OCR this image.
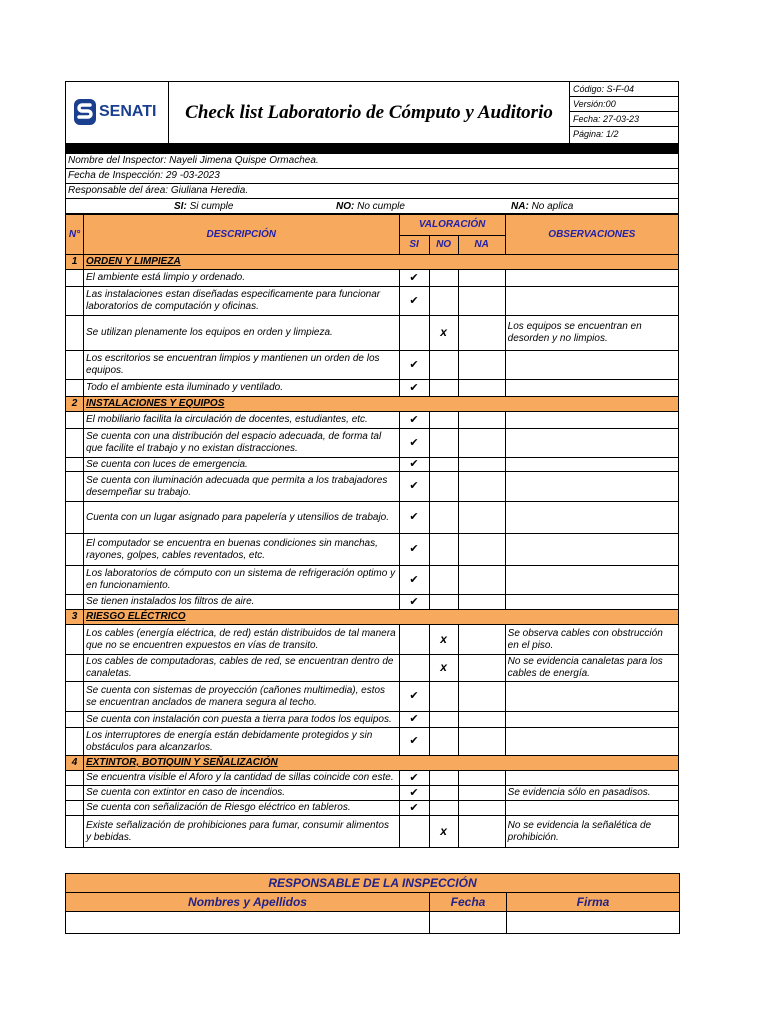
SENATI	Check list Laboratorio de Cómputo y Auditorio
Código: S-F-04
Versión:00
Fecha: 27-03-23
Página: 1/2
Nombre del Inspector: Nayeli Jimena Quispe Ormachea.
Fecha de Inspección: 29 -03-2023
Responsable del área: Giuliana Heredia.
SI: Si cumple	NO: No cumple	NA: No aplica
N°	DESCRIPCIÓN	VALORACIÓN			OBSERVACIONES
		SI	NO	NA	
1	ORDEN Y LIMPIEZA				
	El ambiente está limpio y ordenado.	✔			
	Las instalaciones estan diseñadas especificamente para funcionar laboratorios de computación y oficinas.	✔			
	Se utilizan plenamente los equipos en orden y limpieza.		x		Los equipos se encuentran en desorden y no limpios.
	Los escritorios se encuentran limpios y mantienen un orden de los equipos.	✔			
	Todo el ambiente esta iluminado y ventilado.	✔			
2	INSTALACIONES Y EQUIPOS				
	El mobiliario facilita la circulación de docentes, estudiantes, etc.	✔			
	Se cuenta con una distribución del espacio adecuada, de forma tal que facilite el trabajo y no existan distracciones.	✔			
	Se cuenta con luces de emergencia.	✔			
	Se cuenta con iluminación adecuada que permita a los trabajadores desempeñar su trabajo.	✔			
	Cuenta con un lugar asignado para papelería y utensilios de trabajo.	✔			
	El computador se encuentra en buenas condiciones sin manchas, rayones, golpes, cables reventados, etc.	✔			
	Los laboratorios de cómputo con un sistema de refrigeración optimo y en funcionamiento.	✔			
	Se tienen instalados los filtros de aire.	✔			
3	RIESGO ELÉCTRICO				
	Los cables (energía eléctrica, de red) están distribuidos de tal manera que no se encuentren expuestos en vías de transito.		x		Se observa cables con obstrucción en el piso.
	Los cables de computadoras, cables de red, se encuentran dentro de canaletas.		x		No se evidencia canaletas para los cables de energía.
	Se cuenta con sistemas de proyección (cañones multimedia), estos se encuentran anclados de manera segura al techo.	✔			
	Se cuenta con instalación con puesta a tierra para todos los equipos.	✔			
	Los interruptores de energía están debidamente protegidos y sin obstáculos para alcanzarlos.	✔			
4	EXTINTOR, BOTIQUIN Y SEÑALIZACIÓN				
	Se encuentra visible el Aforo y la cantidad de sillas coincide con este.	✔			
	Se cuenta con extintor en caso de incendios.	✔			Se evidencia sólo en pasadisos.
	Se cuenta con señalización de Riesgo eléctrico en tableros.	✔			
	Existe señalización de prohibiciones para fumar, consumir alimentos y bebidas.		x		No se evidencia la señalética de prohibición.
RESPONSABLE DE LA INSPECCIÓN		
Nombres y Apellidos	Fecha	Firma
